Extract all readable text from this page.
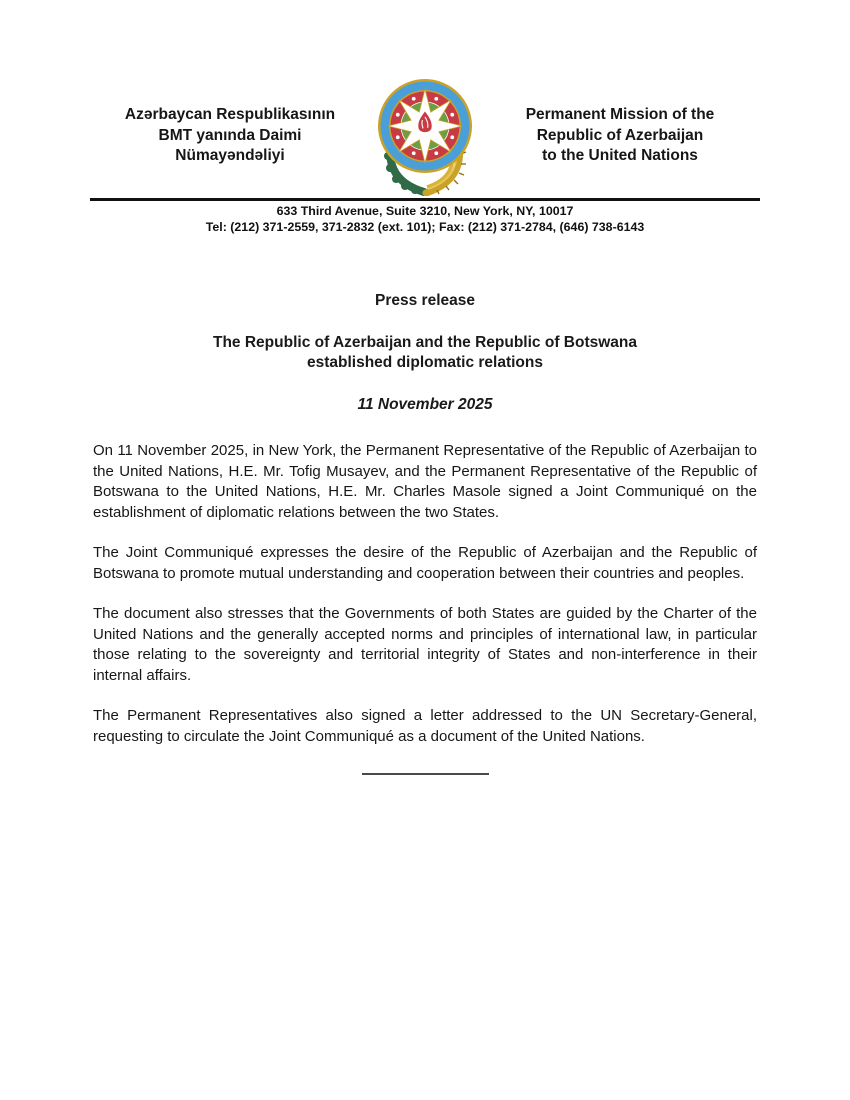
Azərbaycan Respublikasının
BMT yanında Daimi
Nümayəndəliyi
Permanent Mission of the
Republic of Azerbaijan
to the United Nations
633 Third Avenue, Suite 3210, New York, NY, 10017
Tel: (212) 371-2559, 371-2832 (ext. 101); Fax: (212) 371-2784, (646) 738-6143
Press release
The Republic of Azerbaijan and the Republic of Botswana
established diplomatic relations
11 November 2025

On 11 November 2025, in New York, the Permanent Representative of the Republic of Azerbaijan to the United Nations, H.E. Mr. Tofig Musayev, and the Permanent Representative of the Republic of Botswana to the United Nations, H.E. Mr. Charles Masole signed a Joint Communiqué on the establishment of diplomatic relations between the two States.

The Joint Communiqué expresses the desire of the Republic of Azerbaijan and the Republic of Botswana to promote mutual understanding and cooperation between their countries and peoples.

The document also stresses that the Governments of both States are guided by the Charter of the United Nations and the generally accepted norms and principles of international law, in particular those relating to the sovereignty and territorial integrity of States and non-interference in their internal affairs.

The Permanent Representatives also signed a letter addressed to the UN Secretary-General, requesting to circulate the Joint Communiqué as a document of the United Nations.
